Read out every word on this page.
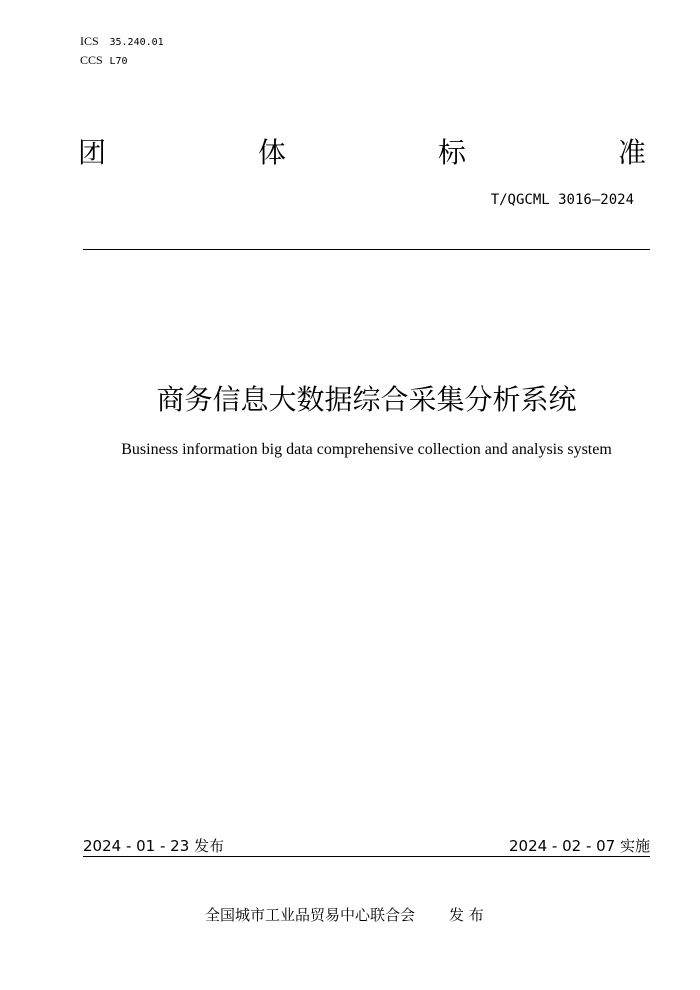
ICS 35.240.01
CCS L70
团	体	标	准
T/QGCML 3016—2024
商务信息大数据综合采集分析系统
Business information big data comprehensive collection and analysis system
2024 - 01 - 23 发布	2024 - 02 - 07 实施
全国城市工业品贸易中心联合会 发 布
